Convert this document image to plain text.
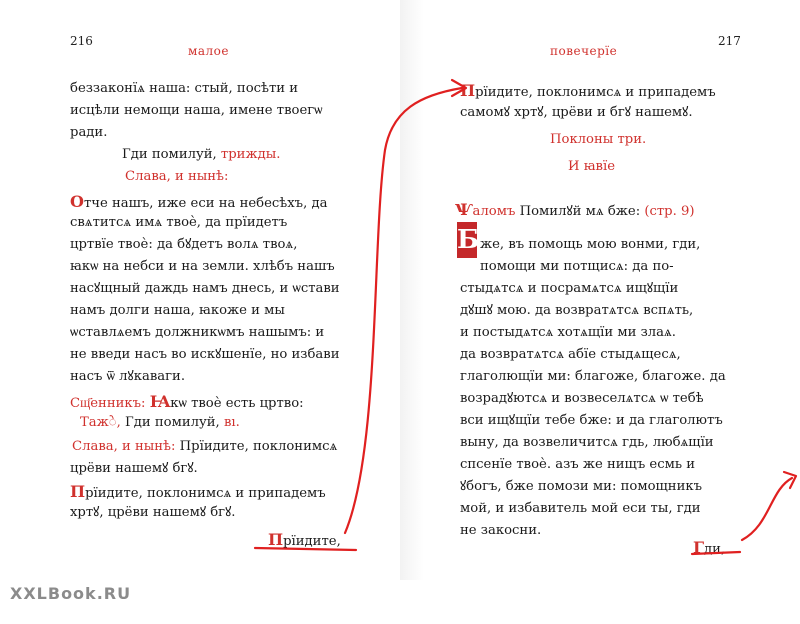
216
малое
беззаконїѧ наша: стый, посѣти и
исцѣли немощи наша, имене твоегѡ
ради.
Гди помилуй, трижды.
Слава, и нынѣ:
Отче нашъ, иже еси на небесѣхъ, да
свѧтитсѧ имѧ твоѐ, да прїидетъ
цртвїе твоѐ: да бꙋдетъ волѧ твоѧ,
ꙗкѡ на небси и на земли. хлѣбъ нашъ
насꙋщный даждь намъ днесь, и ѡстави
намъ долги наша, ꙗкоже и мы
ѡставлѧемъ должникѡмъ нашымъ: и
не введи насъ во искꙋшенїе, но избави
насъ ѿ лꙋкаваги.
Сщ҃енникъ: Ꙗкѡ твоѐ есть цртво:
Тажे, Гди помилуй, вı.
Слава, и нынѣ: Прїидите, поклонимсѧ
црёви нашемꙋ бгꙋ.
Прїидите, поклонимсѧ и припадемъ
хртꙋ, црёви нашемꙋ бгꙋ.
Прїидите,
217
повечерїе
Прїидите, поклонимсѧ и припадемъ
самомꙋ хртꙋ, црёви и бгꙋ нашемꙋ.
Поклоны три.
И ꙗвїе
Ѱаломъ Помилꙋй мѧ бже: (стр. 9)
же, въ помощь мою вонми, гди,
помощи ми потщисѧ: да по-
стыдѧтсѧ и посрамѧтсѧ ищꙋщїи
дꙋшꙋ мою. да возвратѧтсѧ вспѧть,
и постыдѧтсѧ хотѧщїи ми злаѧ.
да возвратѧтсѧ абїе стыдѧщесѧ,
глаголющїи ми: благоже, благоже. да
возрадꙋютсѧ и возвеселѧтсѧ ѡ тебѣ
вси ищꙋщїи тебе бже: и да глаголютъ
выну, да возвеличитсѧ гдь, любѧщїи
спсенїе твоѐ. азъ же нищъ есмь и
ꙋбогъ, бже помози ми: помощникъ
мой, и избавитель мой еси ты, гди
не закосни.
Гди,
Б
XXLBook.RU
